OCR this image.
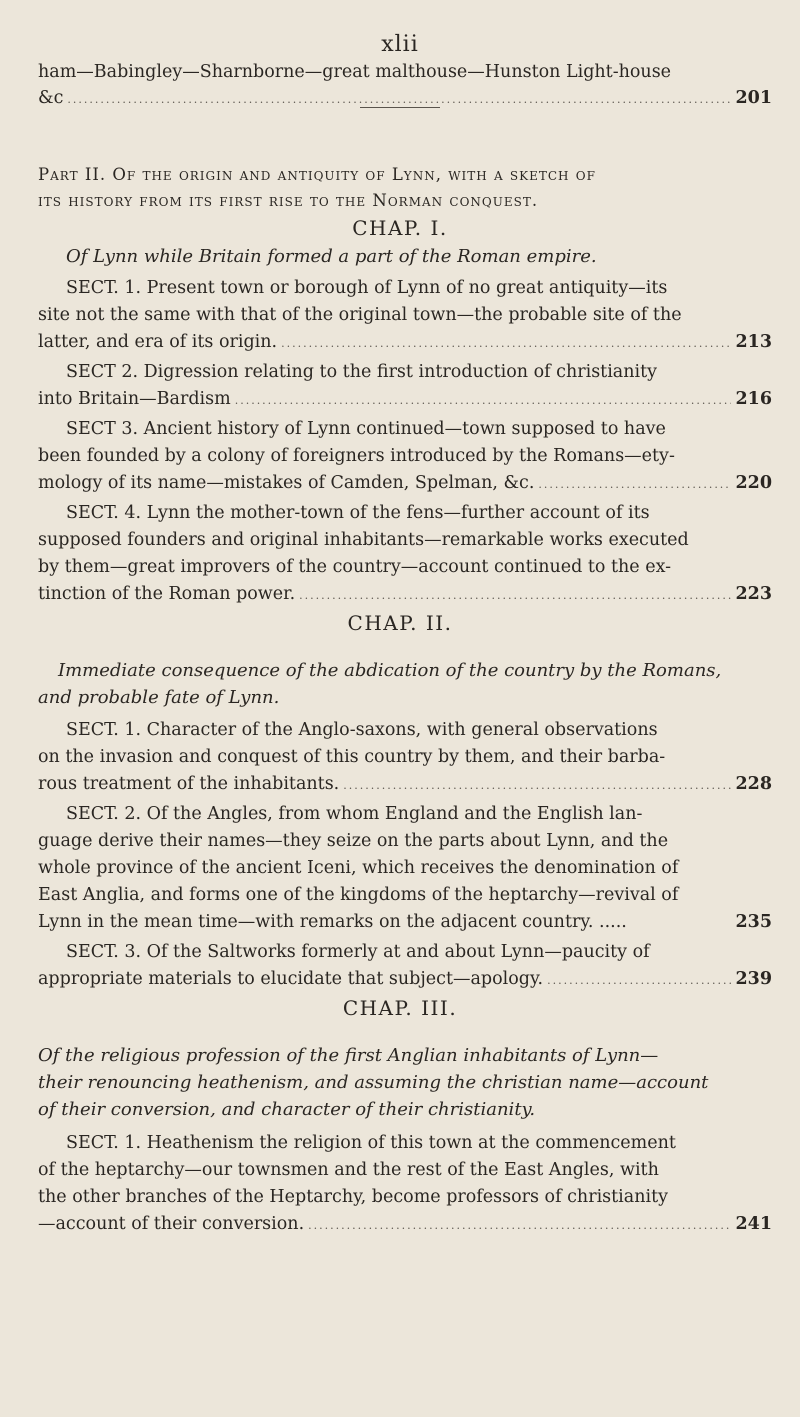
xlii
ham—Babingley—Sharnborne—great malthouse—Hunston Light-house
&c .....	201
Part II. Of the origin and antiquity of Lynn, with a sketch of
its history from its first rise to the Norman conquest.
CHAP. I.
Of Lynn while Britain formed a part of the Roman empire.
SECT. 1. Present town or borough of Lynn of no great antiquity—its
site not the same with that of the original town—the probable site of the
latter, and era of its origin. .....	213
SECT 2. Digression relating to the first introduction of christianity
into Britain—Bardism .....	216
SECT 3. Ancient history of Lynn continued—town supposed to have
been founded by a colony of foreigners introduced by the Romans—ety-
mology of its name—mistakes of Camden, Spelman, &c. .....	220
SECT. 4. Lynn the mother-town of the fens—further account of its
supposed founders and original inhabitants—remarkable works executed
by them—great improvers of the country—account continued to the ex-
tinction of the Roman power. .....	223
CHAP. II.
Immediate consequence of the abdication of the country by the Romans,
and probable fate of Lynn.
SECT. 1. Character of the Anglo-saxons, with general observations
on the invasion and conquest of this country by them, and their barba-
rous treatment of the inhabitants. .....	228
SECT. 2. Of the Angles, from whom England and the English lan-
guage derive their names—they seize on the parts about Lynn, and the
whole province of the ancient Iceni, which receives the denomination of
East Anglia, and forms one of the kingdoms of the heptarchy—revival of
Lynn in the mean time—with remarks on the adjacent country. .....	235
SECT. 3. Of the Saltworks formerly at and about Lynn—paucity of
appropriate materials to elucidate that subject—apology. .....	239
CHAP. III.
Of the religious profession of the first Anglian inhabitants of Lynn—
their renouncing heathenism, and assuming the christian name—account
of their conversion, and character of their christianity.
SECT. 1. Heathenism the religion of this town at the commencement
of the heptarchy—our townsmen and the rest of the East Angles, with
the other branches of the Heptarchy, become professors of christianity
—account of their conversion. .....	241
